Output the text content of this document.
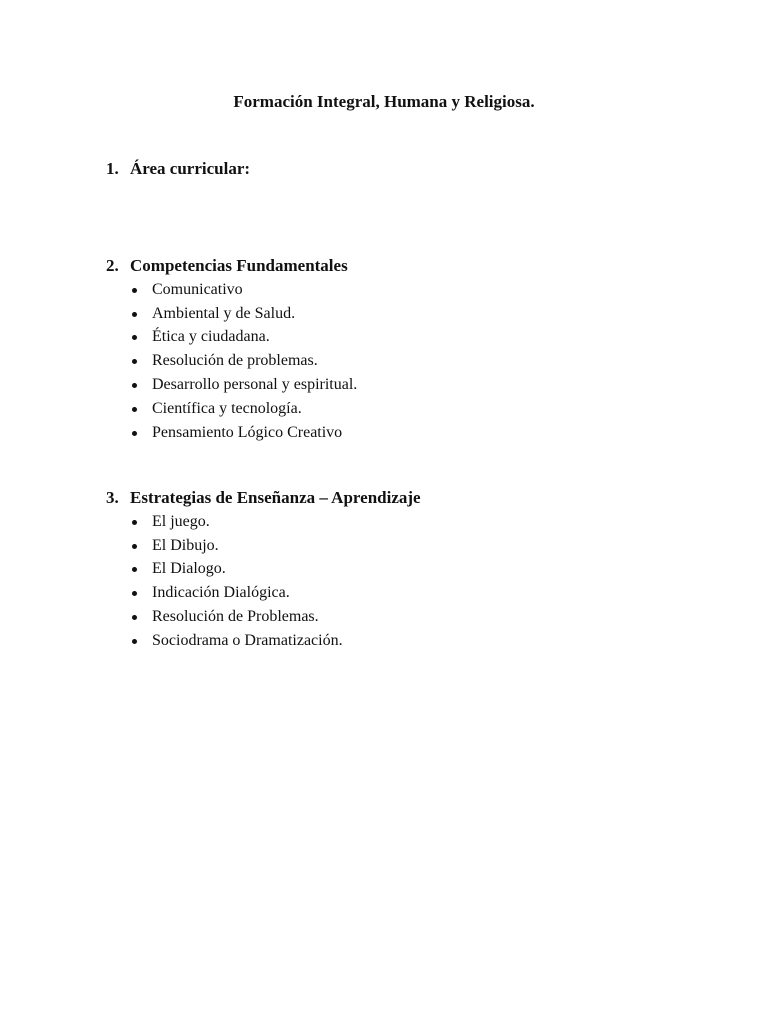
Formación Integral, Humana y Religiosa.
1. Área curricular:
2. Competencias Fundamentales
Comunicativo
Ambiental y de Salud.
Ética y ciudadana.
Resolución de problemas.
Desarrollo personal y espiritual.
Científica y tecnología.
Pensamiento Lógico Creativo
3. Estrategias de Enseñanza – Aprendizaje
El juego.
El Dibujo.
El Dialogo.
Indicación Dialógica.
Resolución de Problemas.
Sociodrama o Dramatización.
